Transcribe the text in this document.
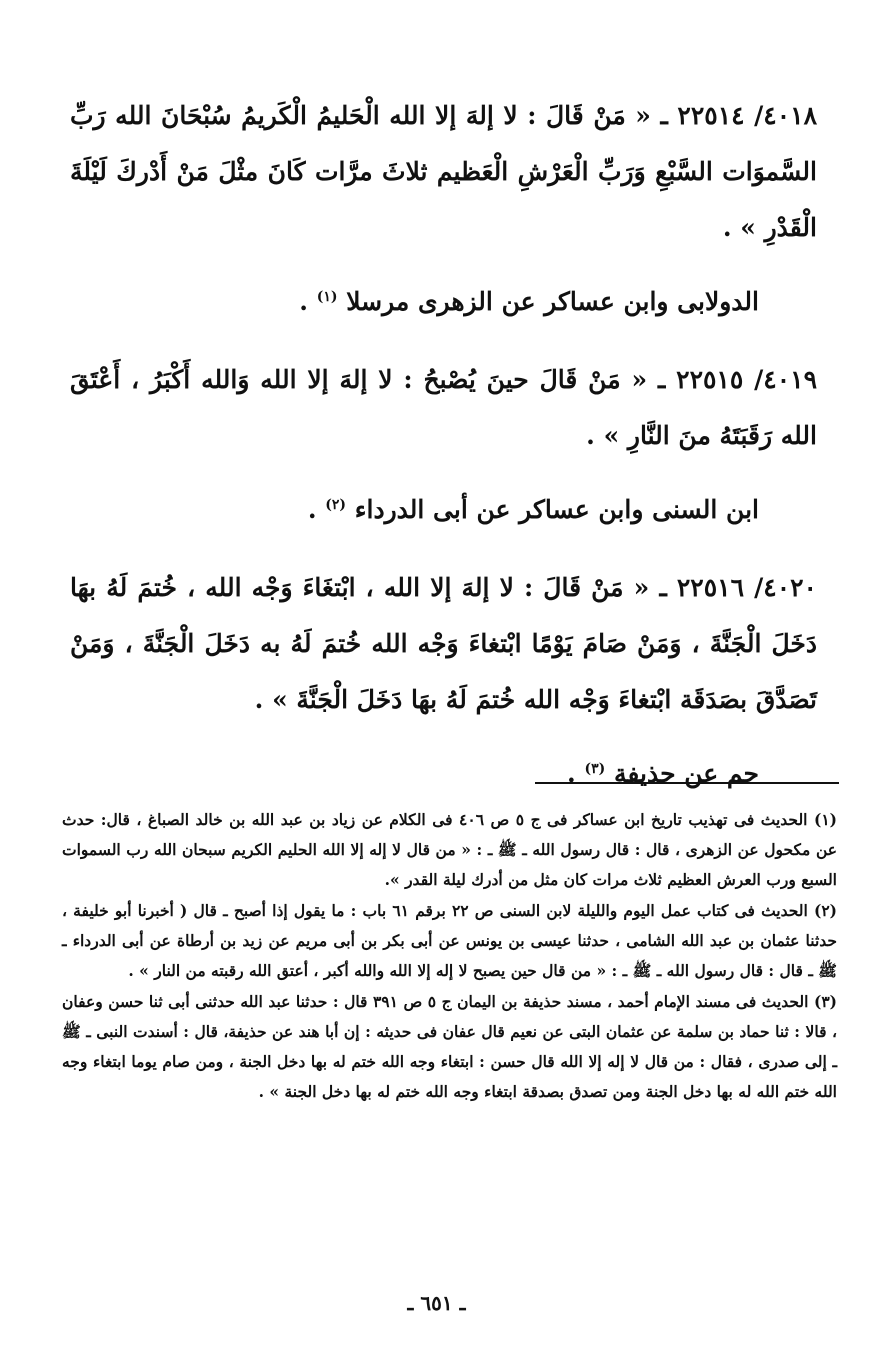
٤٠١٨/ ٢٢٥١٤ ـ « مَنْ قَالَ : لا إلهَ إلا الله الْحَليمُ الْكَريمُ سُبْحَانَ الله رَبِّ السَّموَات السَّبْعِ وَرَبِّ الْعَرْشِ الْعَظيم ثلاثَ مرَّات كَانَ مثْلَ مَنْ أَدْركَ لَيْلَةَ الْقَدْرِ » .

الدولابى وابن عساكر عن الزهرى مرسلا $^{(١)}$ .

٤٠١٩/ ٢٢٥١٥ ـ « مَنْ قَالَ حينَ يُصْبحُ : لا إلهَ إلا الله وَالله أَكْبَرُ ، أَعْتَقَ الله رَقَبَتَهُ منَ النَّارِ » .

ابن السنى وابن عساكر عن أبى الدرداء $^{(٢)}$ .

٤٠٢٠/ ٢٢٥١٦ ـ « مَنْ قَالَ : لا إلهَ إلا الله ، ابْتغَاءَ وَجْه الله ، خُتمَ لَهُ بهَا دَخَلَ الْجَنَّةَ ، وَمَنْ صَامَ يَوْمًا ابْتغاءَ وَجْه الله خُتمَ لَهُ به دَخَلَ الْجَنَّةَ ، وَمَنْ تَصَدَّقَ بصَدَقَة ابْتغاءَ وَجْه الله خُتمَ لَهُ بهَا دَخَلَ الْجَنَّةَ » .

حم عن حذيفة $^{(٣)}$ .

(١) الحديث فى تهذيب تاريخ ابن عساكر فى ج ٥ ص ٤٠٦ فى الكلام عن زياد بن عبد الله بن خالد الصباغ ، قال: حدث عن مكحول عن الزهرى ، قال : قال رسول الله ـ ﷺ ـ : « من قال لا إله إلا الله الحليم الكريم سبحان الله رب السموات السبع ورب العرش العظيم ثلاث مرات كان مثل من أدرك ليلة القدر ».

(٢) الحديث فى كتاب عمل اليوم والليلة لابن السنى ص ٢٢ برقم ٦١ باب : ما يقول إذا أصبح ـ قال ( أخبرنا أبو خليفة ، حدثنا عثمان بن عبد الله الشامى ، حدثنا عيسى بن يونس عن أبى بكر بن أبى مريم عن زيد بن أرطاة عن أبى الدرداء ـ ﷺ ـ قال : قال رسول الله ـ ﷺ ـ : « من قال حين يصبح لا إله إلا الله والله أكبر ، أعتق الله رقبته من النار » .

(٣) الحديث فى مسند الإمام أحمد ، مسند حذيفة بن اليمان ج ٥ ص ٣٩١ قال : حدثنا عبد الله حدثنى أبى ثنا حسن وعفان ، قالا : ثنا حماد بن سلمة عن عثمان البتى عن نعيم قال عفان فى حديثه : إن أبا هند عن حذيفة، قال : أسندت النبى ـ ﷺ ـ إلى صدرى ، فقال : من قال لا إله إلا الله قال حسن : ابتغاء وجه الله ختم له بها دخل الجنة ، ومن صام يوما ابتغاء وجه الله ختم الله له بها دخل الجنة ومن تصدق بصدقة ابتغاء وجه الله ختم له بها دخل الجنة » .

ـ ٦٥١ ـ
